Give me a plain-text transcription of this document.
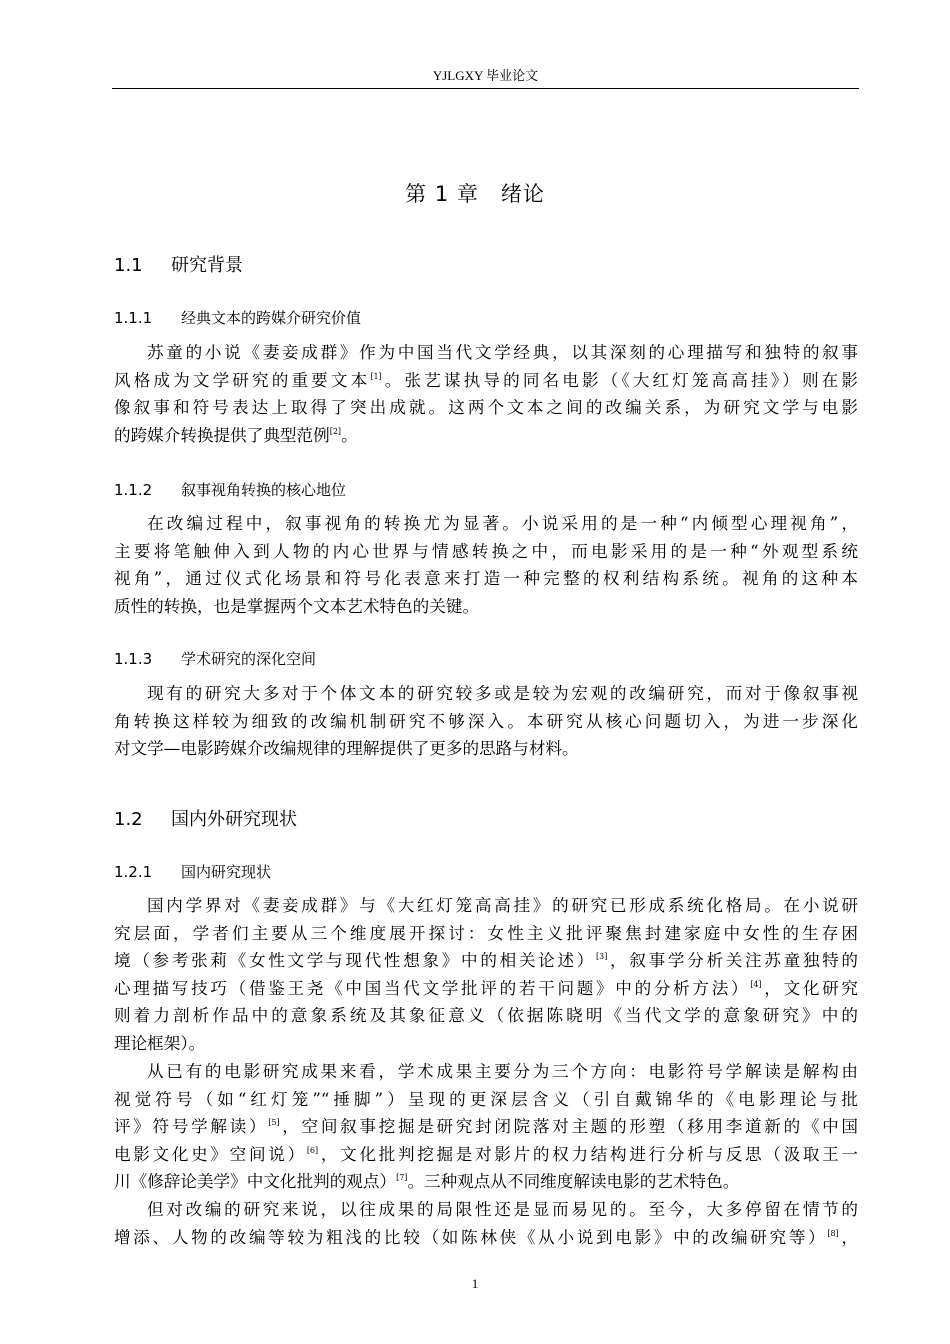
YJLGXY 毕业论文
第 1 章　绪论
1.1 研究背景
1.1.1 经典文本的跨媒介研究价值
苏童的小说《妻妾成群》作为中国当代文学经典，以其深刻的心理描写和独特的叙事
风格成为文学研究的重要文本[1]。张艺谋执导的同名电影（《大红灯笼高高挂》）则在影
像叙事和符号表达上取得了突出成就。这两个文本之间的改编关系，为研究文学与电影
的跨媒介转换提供了典型范例[2]。
1.1.2 叙事视角转换的核心地位
在改编过程中，叙事视角的转换尤为显著。小说采用的是一种“内倾型心理视角”，
主要将笔触伸入到人物的内心世界与情感转换之中，而电影采用的是一种“外观型系统
视角”，通过仪式化场景和符号化表意来打造一种完整的权利结构系统。视角的这种本
质性的转换，也是掌握两个文本艺术特色的关键。
1.1.3 学术研究的深化空间
现有的研究大多对于个体文本的研究较多或是较为宏观的改编研究，而对于像叙事视
角转换这样较为细致的改编机制研究不够深入。本研究从核心问题切入，为进一步深化
对文学—电影跨媒介改编规律的理解提供了更多的思路与材料。
1.2 国内外研究现状
1.2.1 国内研究现状
国内学界对《妻妾成群》与《大红灯笼高高挂》的研究已形成系统化格局。在小说研
究层面，学者们主要从三个维度展开探讨：女性主义批评聚焦封建家庭中女性的生存困
境（参考张莉《女性文学与现代性想象》中的相关论述）[3]，叙事学分析关注苏童独特的
心理描写技巧（借鉴王尧《中国当代文学批评的若干问题》中的分析方法）[4]，文化研究
则着力剖析作品中的意象系统及其象征意义（依据陈晓明《当代文学的意象研究》中的
理论框架）。
从已有的电影研究成果来看，学术成果主要分为三个方向：电影符号学解读是解构由
视觉符号（如“红灯笼”“捶脚”）呈现的更深层含义（引自戴锦华的《电影理论与批
评》符号学解读）[5]，空间叙事挖掘是研究封闭院落对主题的形塑（移用李道新的《中国
电影文化史》空间说）[6]，文化批判挖掘是对影片的权力结构进行分析与反思（汲取王一
川《修辞论美学》中文化批判的观点）[7]。三种观点从不同维度解读电影的艺术特色。
但对改编的研究来说，以往成果的局限性还是显而易见的。至今，大多停留在情节的
增添、人物的改编等较为粗浅的比较（如陈林侠《从小说到电影》中的改编研究等）[8]，
1
